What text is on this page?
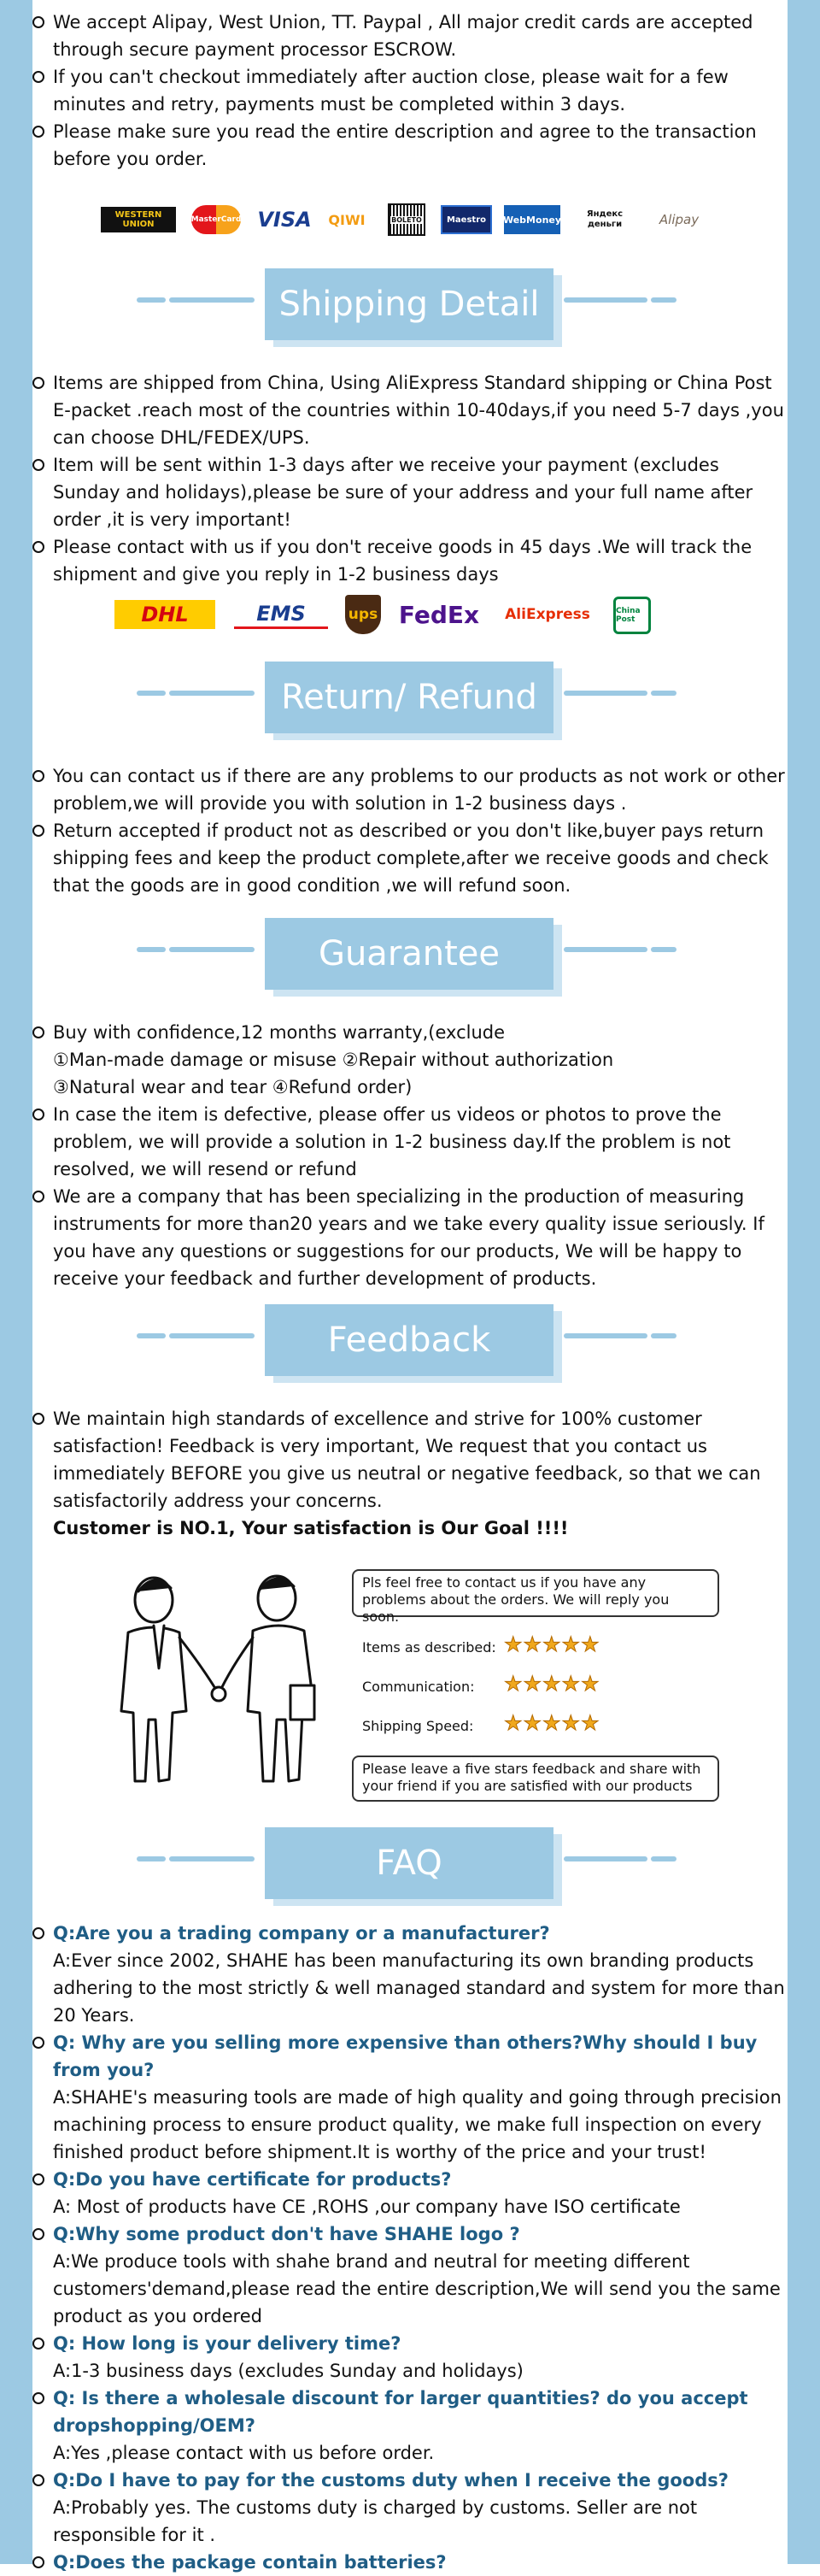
We accept Alipay, West Union, TT. Paypal , All major credit cards are accepted through secure payment processor ESCROW.
If you can't checkout immediately after auction close, please wait for a few minutes and retry, payments must be completed within 3 days.
Please make sure you read the entire description and agree to the transaction before you order.
WESTERN UNION	MasterCard VISA	QIWI	BOLETO	Maestro	WebMoney	Яндекс деньги	Alipay
Shipping Detail
Items are shipped from China, Using AliExpress Standard shipping or China Post E-packet .reach most of the countries within 10-40days,if you need 5-7 days ,you can choose DHL/FEDEX/UPS.
Item will be sent within 1-3 days after we receive your payment (excludes Sunday and holidays),please be sure of your address and your full name after order ,it is very important!
Please contact with us if you don't receive goods in 45 days .We will track the shipment and give you reply in 1-2 business days
DHL	EMS	ups FedEx	AliExpress	China Post
Return/ Refund
You can contact us if there are any problems to our products as not work or other problem,we will provide you with solution in 1-2 business days .
Return accepted if product not as described or you don't like,buyer pays return shipping fees and keep the product complete,after we receive goods and check that the goods are in good condition ,we will refund soon.
Guarantee
Buy with confidence,12 months warranty,(exclude
①Man-made damage or misuse ②Repair without authorization
③Natural wear and tear ④Refund order)
In case the item is defective, please offer us videos or photos to prove the problem, we will provide a solution in 1-2 business day.If the problem is not resolved, we will resend or refund
We are a company that has been specializing in the production of measuring instruments for more than20 years and we take every quality issue seriously. If you have any questions or suggestions for our products, We will be happy to receive your feedback and further development of products.
Feedback
We maintain high standards of excellence and strive for 100% customer satisfaction! Feedback is very important, We request that you contact us immediately BEFORE you give us neutral or negative feedback, so that we can satisfactorily address your concerns.
Customer is NO.1, Your satisfaction is Our Goal !!!!
Pls feel free to contact us if you have any problems about the orders. We will reply you soon.
Items as described: ★★★★★
Communication: ★★★★★
Shipping Speed: ★★★★★
Please leave a five stars feedback and share with your friend if you are satisfied with our products
FAQ
Q:Are you a trading company or a manufacturer?
A:Ever since 2002, SHAHE has been manufacturing its own branding products adhering to the most strictly & well managed standard and system for more than 20 Years.
Q: Why are you selling more expensive than others?Why should I buy from you?
A:SHAHE's measuring tools are made of high quality and going through precision machining process to ensure product quality, we make full inspection on every finished product before shipment.It is worthy of the price and your trust!
Q:Do you have certificate for products?
A: Most of products have CE ,ROHS ,our company have ISO certificate
Q:Why some product don't have SHAHE logo ?
A:We produce tools with shahe brand and neutral for meeting different customers'demand,please read the entire description,We will send you the same product as you ordered
Q: How long is your delivery time?
A:1-3 business days (excludes Sunday and holidays)
Q: Is there a wholesale discount for larger quantities? do you accept dropshopping/OEM?
A:Yes ,please contact with us before order.
Q:Do I have to pay for the customs duty when I receive the goods?
A:Probably yes. The customs duty is charged by customs. Seller are not responsible for it .
Q:Does the package contain batteries?
